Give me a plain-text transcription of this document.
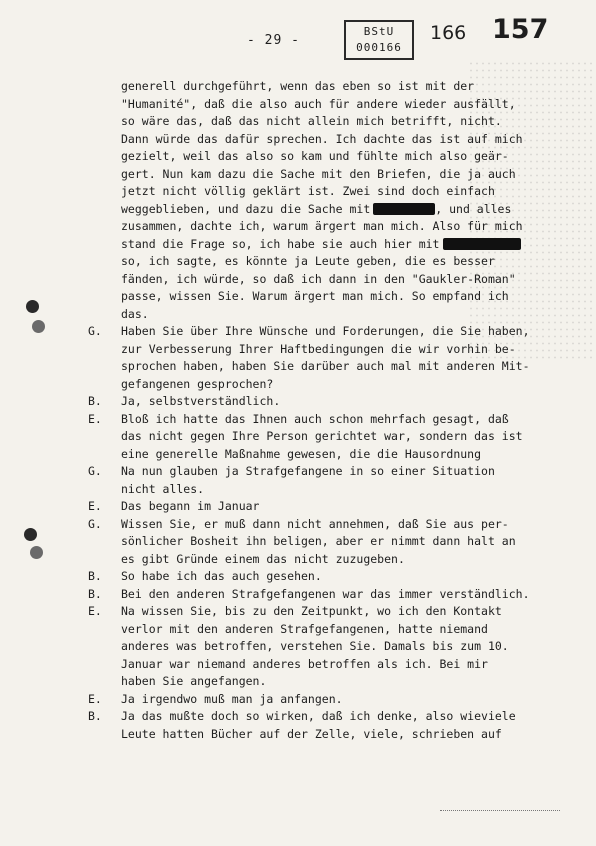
- 29 -
BStU
000166
166 157
generell durchgeführt, wenn das eben so ist mit der
"Humanité", daß die also auch für andere wieder ausfällt,
so wäre das, daß das nicht allein mich betrifft, nicht.
Dann würde das dafür sprechen. Ich dachte das ist auf mich
gezielt, weil das also so kam und fühlte mich also geär-
gert. Nun kam dazu die Sache mit den Briefen, die ja auch
jetzt nicht völlig geklärt ist. Zwei sind doch einfach
weggeblieben, und dazu die Sache mit	, und alles
zusammen, dachte ich, warum ärgert man mich. Also für mich
stand die Frage so, ich habe sie auch hier mit
so, ich sagte, es könnte ja Leute geben, die es besser
fänden, ich würde, so daß ich dann in den "Gaukler-Roman"
passe, wissen Sie. Warum ärgert man mich. So empfand ich
das.
G. Haben Sie über Ihre Wünsche und Forderungen, die Sie haben,
zur Verbesserung Ihrer Haftbedingungen die wir vorhin be-
sprochen haben, haben Sie darüber auch mal mit anderen Mit-
gefangenen gesprochen?
B. Ja, selbstverständlich.
E. Bloß ich hatte das Ihnen auch schon mehrfach gesagt, daß
das nicht gegen Ihre Person gerichtet war, sondern das ist
eine generelle Maßnahme gewesen, die die Hausordnung
G. Na nun glauben ja Strafgefangene in so einer Situation
nicht alles.
E. Das begann im Januar
G. Wissen Sie, er muß dann nicht annehmen, daß Sie aus per-
sönlicher Bosheit ihn beligen, aber er nimmt dann halt an
es gibt Gründe einem das nicht zuzugeben.
B. So habe ich das auch gesehen.
B. Bei den anderen Strafgefangenen war das immer verständlich.
E. Na wissen Sie, bis zu den Zeitpunkt, wo ich den Kontakt
verlor mit den anderen Strafgefangenen, hatte niemand
anderes was betroffen, verstehen Sie. Damals bis zum 10.
Januar war niemand anderes betroffen als ich. Bei mir
haben Sie angefangen.
E. Ja irgendwo muß man ja anfangen.
B. Ja das mußte doch so wirken, daß ich denke, also wieviele
Leute hatten Bücher auf der Zelle, viele, schrieben auf
